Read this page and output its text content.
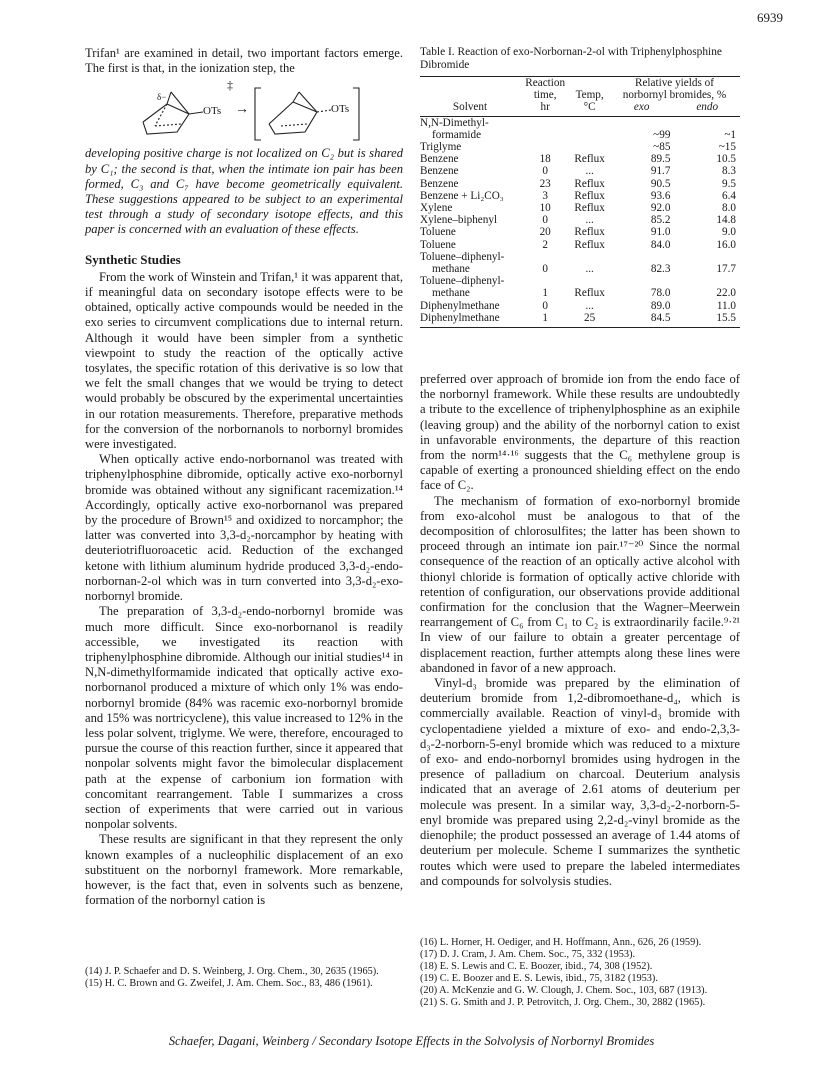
6939

Trifan¹ are examined in detail, two important factors emerge. The first is that, in the ionization step, the

δ−
OTs
‡
→	OTs

developing positive charge is not localized on C₂ but is shared by C₁; the second is that, when the intimate ion pair has been formed, C₃ and C₇ have become geometrically equivalent. These suggestions appeared to be subject to an experimental test through a study of secondary isotope effects, and this paper is concerned with an evaluation of these effects.

Synthetic Studies

From the work of Winstein and Trifan,¹ it was apparent that, if meaningful data on secondary isotope effects were to be obtained, optically active compounds would be needed in the exo series to circumvent complications due to internal return. Although it would have been simpler from a synthetic viewpoint to study the reaction of the optically active tosylates, the specific rotation of this derivative is so low that we felt the small changes that we would be trying to detect would probably be obscured by the experimental uncertainties in our rotation measurements. Therefore, preparative methods for the conversion of the norbornanols to norbornyl bromides were investigated.

When optically active endo-norbornanol was treated with triphenylphosphine dibromide, optically active exo-norbornyl bromide was obtained without any significant racemization.¹⁴ Accordingly, optically active exo-norbornanol was prepared by the procedure of Brown¹⁵ and oxidized to norcamphor; the latter was converted into 3,3-d₂-norcamphor by heating with deuteriotrifluoroacetic acid. Reduction of the exchanged ketone with lithium aluminum hydride produced 3,3-d₂-endo-norbornan-2-ol which was in turn converted into 3,3-d₂-exo-norbornyl bromide.

The preparation of 3,3-d₂-endo-norbornyl bromide was much more difficult. Since exo-norbornanol is readily accessible, we investigated its reaction with triphenylphosphine dibromide. Although our initial studies¹⁴ in N,N-dimethylformamide indicated that optically active exo-norbornanol produced a mixture of which only 1% was endo-norbornyl bromide (84% was racemic exo-norbornyl bromide and 15% was nortricyclene), this value increased to 12% in the less polar solvent, triglyme. We were, therefore, encouraged to pursue the course of this reaction further, since it appeared that nonpolar solvents might favor the bimolecular displacement path at the expense of carbonium ion formation with concomitant rearrangement. Table I summarizes a cross section of experiments that were carried out in various nonpolar solvents.

These results are significant in that they represent the only known examples of a nucleophilic displacement of an exo substituent on the norbornyl framework. More remarkable, however, is the fact that, even in solvents such as benzene, formation of the norbornyl cation is

(14) J. P. Schaefer and D. S. Weinberg, J. Org. Chem., 30, 2635 (1965).
(15) H. C. Brown and G. Zweifel, J. Am. Chem. Soc., 83, 486 (1961).
Table I. Reaction of exo-Norbornan-2-ol with Triphenylphosphine Dibromide
	Reaction		Relative yields of	
	time,	Temp,	norbornyl bromides, %	
Solvent	hr	°C	exo	endo

N,N-Dimethyl-				
formamide			~99	~1
Triglyme			~85	~15
Benzene	18	Reflux	89.5	10.5
Benzene	0	...	91.7	8.3
Benzene	23	Reflux	90.5	9.5
Benzene + Li₂CO₃	3	Reflux	93.6	6.4
Xylene	10	Reflux	92.0	8.0
Xylene–biphenyl	0	...	85.2	14.8
Toluene	20	Reflux	91.0	9.0
Toluene	2	Reflux	84.0	16.0
Toluene–diphenyl-				
methane	0	...	82.3	17.7
Toluene–diphenyl-				
methane	1	Reflux	78.0	22.0
Diphenylmethane	0	...	89.0	11.0
Diphenylmethane	1	25	84.5	15.5

preferred over approach of bromide ion from the endo face of the norbornyl framework. While these results are undoubtedly a tribute to the excellence of triphenylphosphine as an exiphile (leaving group) and the ability of the norbornyl cation to exist in unfavorable environments, the departure of this reaction from the norm¹⁴·¹⁶ suggests that the C₆ methylene group is capable of exerting a pronounced shielding effect on the endo face of C₂.

The mechanism of formation of exo-norbornyl bromide from exo-alcohol must be analogous to that of the decomposition of chlorosulfites; the latter has been shown to proceed through an intimate ion pair.¹⁷⁻²⁰ Since the normal consequence of the reaction of an optically active alcohol with thionyl chloride is formation of optically active chloride with retention of configuration, our observations provide additional confirmation for the conclusion that the Wagner–Meerwein rearrangement of C₆ from C₁ to C₂ is extraordinarily facile.⁹·²¹ In view of our failure to obtain a greater percentage of displacement reaction, further attempts along these lines were abandoned in favor of a new approach.

Vinyl-d₃ bromide was prepared by the elimination of deuterium bromide from 1,2-dibromoethane-d₄, which is commercially available. Reaction of vinyl-d₃ bromide with cyclopentadiene yielded a mixture of exo- and endo-2,3,3-d₃-2-norborn-5-enyl bromide which was reduced to a mixture of exo- and endo-norbornyl bromides using hydrogen in the presence of palladium on charcoal. Deuterium analysis indicated that an average of 2.61 atoms of deuterium per molecule was present. In a similar way, 3,3-d₂-2-norborn-5-enyl bromide was prepared using 2,2-d₂-vinyl bromide as the dienophile; the product possessed an average of 1.44 atoms of deuterium per molecule. Scheme I summarizes the synthetic routes which were used to prepare the labeled intermediates and compounds for solvolysis studies.

(16) L. Horner, H. Oediger, and H. Hoffmann, Ann., 626, 26 (1959).
(17) D. J. Cram, J. Am. Chem. Soc., 75, 332 (1953).
(18) E. S. Lewis and C. E. Boozer, ibid., 74, 308 (1952).
(19) C. E. Boozer and E. S. Lewis, ibid., 75, 3182 (1953).
(20) A. McKenzie and G. W. Clough, J. Chem. Soc., 103, 687 (1913).
(21) S. G. Smith and J. P. Petrovitch, J. Org. Chem., 30, 2882 (1965).
Schaefer, Dagani, Weinberg / Secondary Isotope Effects in the Solvolysis of Norbornyl Bromides
